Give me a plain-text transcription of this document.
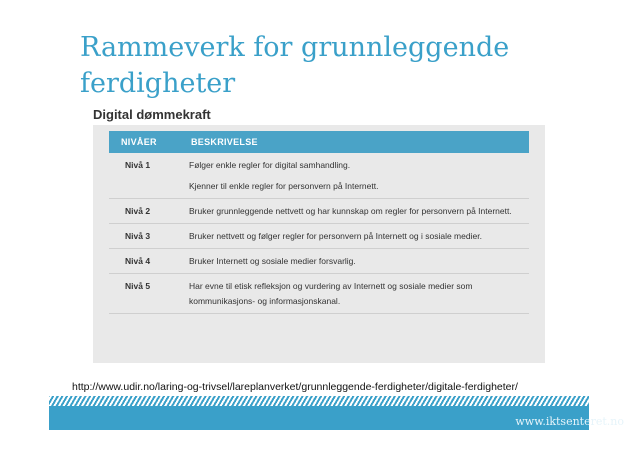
Rammeverk for grunnleggende ferdigheter
Digital dømmekraft
NIVÅER	BESKRIVELSE
Nivå 1	Følger enkle regler for digital samhandling.

Kjenner til enkle regler for personvern på Internett.

Nivå 2	Bruker grunnleggende nettvett og har kunnskap om regler for personvern på Internett.

Nivå 3	Bruker nettvett og følger regler for personvern på Internett og i sosiale medier.

Nivå 4	Bruker Internett og sosiale medier forsvarlig.

Nivå 5	Har evne til etisk refleksjon og vurdering av Internett og sosiale medier som kommunikasjons- og informasjonskanal.

http://www.udir.no/laring-og-trivsel/lareplanverket/grunnleggende-ferdigheter/digitale-ferdigheter/
www.iktsenteret.no
